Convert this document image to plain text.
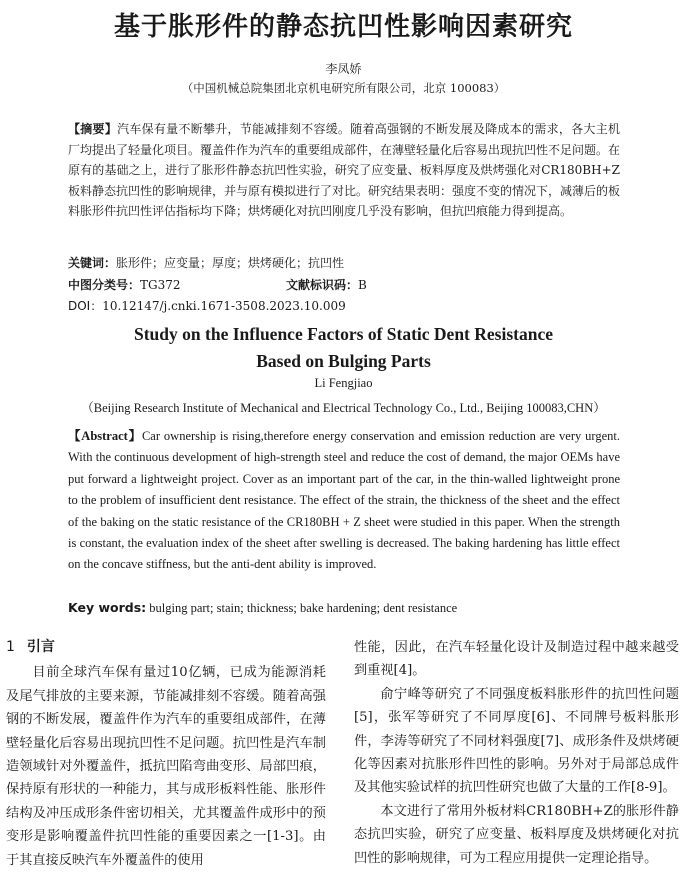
基于胀形件的静态抗凹性影响因素研究
李凤娇
（中国机械总院集团北京机电研究所有限公司，北京 100083）
【摘要】汽车保有量不断攀升，节能减排刻不容缓。随着高强钢的不断发展及降成本的需求，各大主机厂均提出了轻量化项目。覆盖件作为汽车的重要组成部件，在薄壁轻量化后容易出现抗凹性不足问题。在原有的基础之上，进行了胀形件静态抗凹性实验，研究了应变量、板料厚度及烘烤强化对CR180BH+Z板料静态抗凹性的影响规律，并与原有模拟进行了对比。研究结果表明：强度不变的情况下，减薄后的板料胀形件抗凹性评估指标均下降；烘烤硬化对抗凹刚度几乎没有影响，但抗凹痕能力得到提高。
关键词：胀形件；应变量；厚度；烘烤硬化；抗凹性
中图分类号：TG372	文献标识码：B
DOI：10.12147/j.cnki.1671-3508.2023.10.009
Study on the Influence Factors of Static Dent Resistance
Based on Bulging Parts
Li Fengjiao
（Beijing Research Institute of Mechanical and Electrical Technology Co., Ltd., Beijing 100083,CHN）
【Abstract】Car ownership is rising,therefore energy conservation and emission reduction are very urgent. With the continuous development of high-strength steel and reduce the cost of demand, the major OEMs have put forward a lightweight project. Cover as an important part of the car, in the thin-walled lightweight prone to the problem of insufficient dent resistance. The effect of the strain, the thickness of the sheet and the effect of the baking on the static resistance of the CR180BH + Z sheet were studied in this paper. When the strength is constant, the evaluation index of the sheet after swelling is decreased. The baking hardening has little effect on the concave stiffness, but the anti-dent ability is improved.
Key words: bulging part; stain; thickness; bake hardening; dent resistance
1 引言

目前全球汽车保有量过10亿辆，已成为能源消耗及尾气排放的主要来源，节能减排刻不容缓。随着高强钢的不断发展，覆盖件作为汽车的重要组成部件，在薄壁轻量化后容易出现抗凹性不足问题。抗凹性是汽车制造领域针对外覆盖件，抵抗凹陷弯曲变形、局部凹痕，保持原有形状的一种能力，其与成形板料性能、胀形件结构及冲压成形条件密切相关，尤其覆盖件成形中的预变形是影响覆盖件抗凹性能的重要因素之一[1-3]。由于其直接反映汽车外覆盖件的使用

性能，因此，在汽车轻量化设计及制造过程中越来越受到重视[4]。

俞宁峰等研究了不同强度板料胀形件的抗凹性问题[5]，张军等研究了不同厚度[6]、不同牌号板料胀形件，李涛等研究了不同材料强度[7]、成形条件及烘烤硬化等因素对抗胀形件凹性的影响。另外对于局部总成件及其他实验试样的抗凹性研究也做了大量的工作[8-9]。

本文进行了常用外板材料CR180BH+Z的胀形件静态抗凹实验，研究了应变量、板料厚度及烘烤硬化对抗凹性的影响规律，可为工程应用提供一定理论指导。
